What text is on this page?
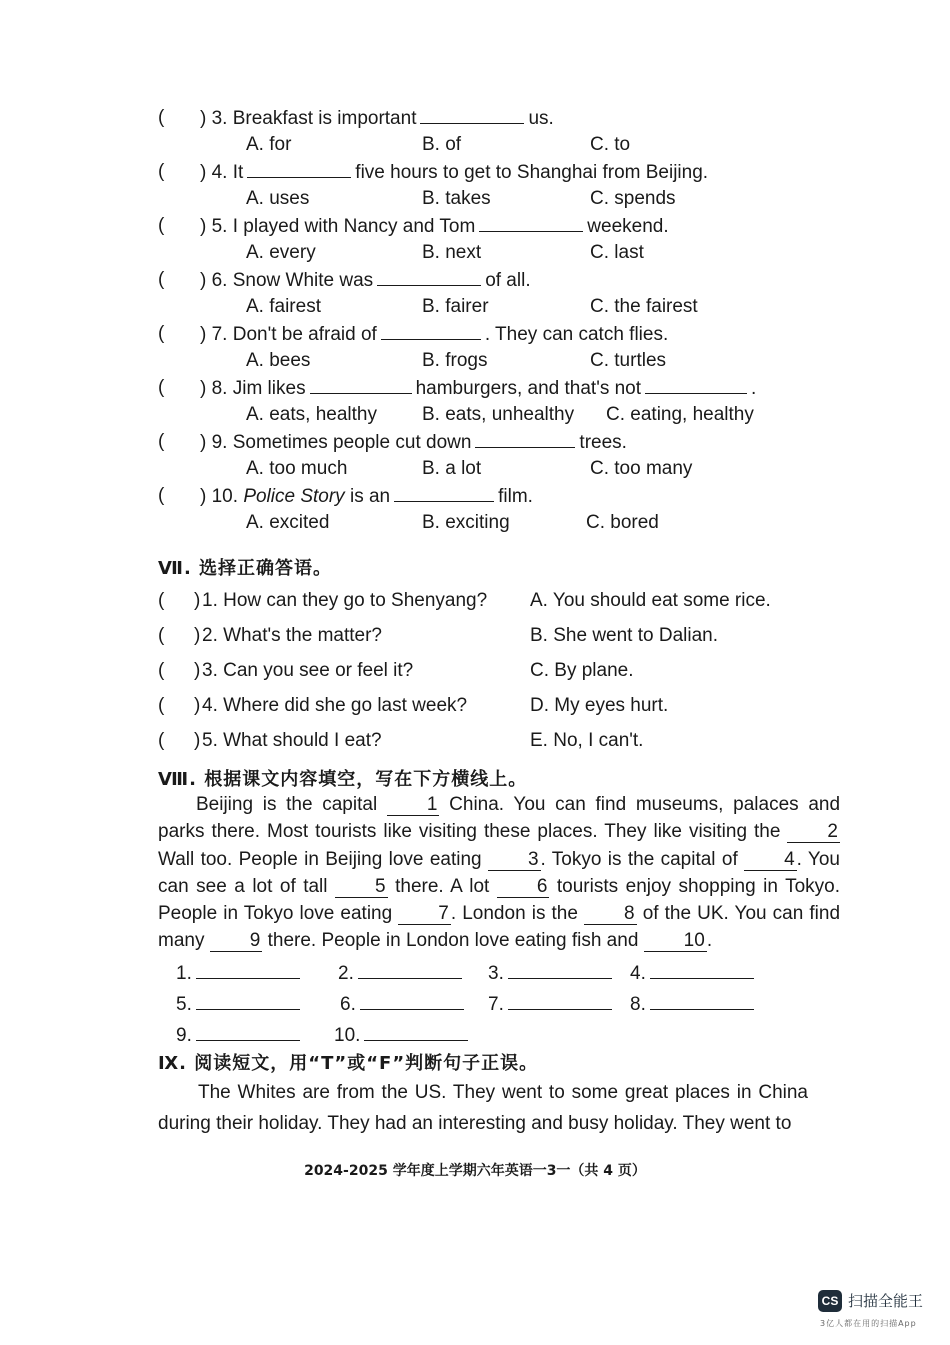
( ) 3. Breakfast is important	us.
A. for	B. of	C. to
( ) 4. It	five hours to get to Shanghai from Beijing.
A. uses	B. takes	C. spends
( ) 5. I played with Nancy and Tom	weekend.
A. every	B. next	C. last
( ) 6. Snow White was	of all.
A. fairest	B. fairer	C. the fairest
( ) 7. Don't be afraid of	. They can catch flies.
A. bees	B. frogs	C. turtles
( ) 8. Jim likes	hamburgers, and that's not	.
A. eats, healthy B. eats, unhealthy C. eating, healthy
( ) 9. Sometimes people cut down	trees.
A. too much	B. a lot	C. too many
( ) 10. Police Story is an	film.
A. excited	B. exciting	C. bored
Ⅶ. 选择正确答语。
( ) 1. How can they go to Shenyang? A. You should eat some rice.
( ) 2. What's the matter?	B. She went to Dalian.
( ) 3. Can you see or feel it?	C. By plane.
( ) 4. Where did she go last week?	D. My eyes hurt.
( ) 5. What should I eat?	E. No, I can't.
Ⅷ. 根据课文内容填空，写在下方横线上。

Beijing is the capital	1 China. You can find museums, palaces and parks there. Most tourists like visiting these places. They like visiting the 2 Wall too. People in Beijing love eating 3 . Tokyo is the capital of 4 . You can see a lot of tall	5 there. A lot	6 tourists enjoy shopping in Tokyo. People in Tokyo love eating 7 . London is the 8 of the UK. You can find many 9 there. People in London love eating fish and 10 .

1.	2.	3.	4.
5.	6.	7.	8.
9.	10.
Ⅸ. 阅读短文，用“T”或“F”判断句子正误。

The Whites are from the US. They went to some great places in China during their holiday. They had an interesting and busy holiday. They went to

2024-2025 学年度上学期六年英语一3一（共 4 页）
CS 扫描全能王
3亿人都在用的扫描App
